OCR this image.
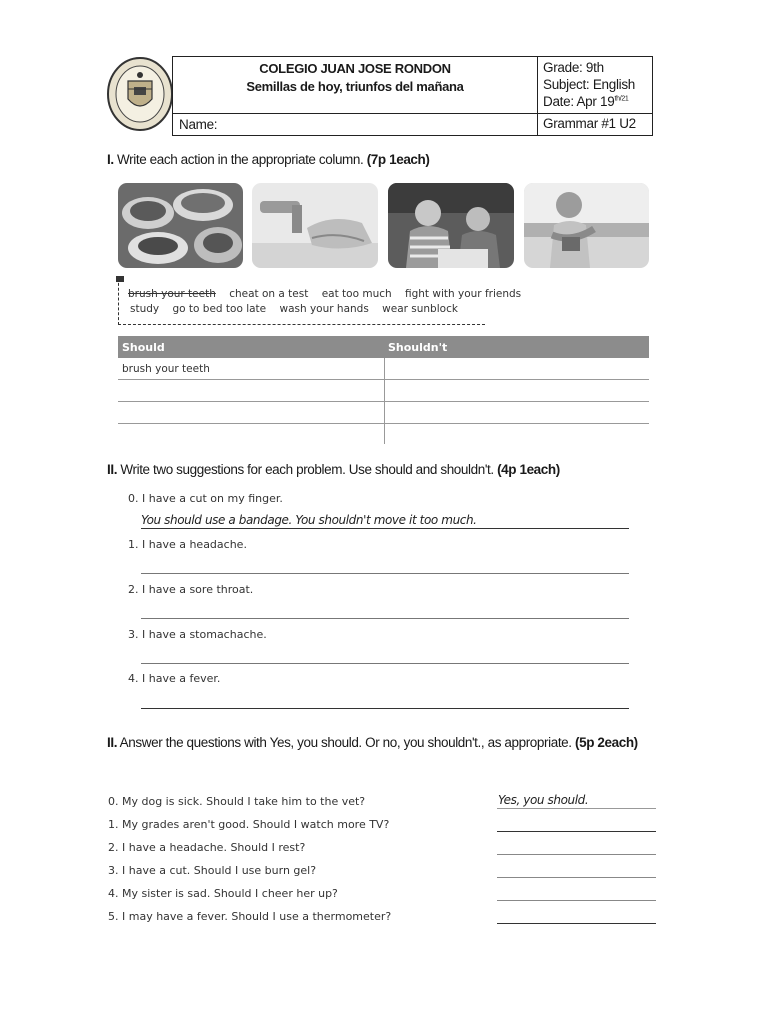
COLEGIO JUAN JOSE RONDON
Semillas de hoy, triunfos del mañana
Grade: 9th
Subject: English
Date: Apr $19^{th/21}$
Name:	Grammar #1 U2
I. Write each action in the appropriate column. (7p 1each)
brush your teeth cheat on a test eat too much fight with your friends
study go to bed too late wash your hands wear sunblock
Should	Shouldn't
brush your teeth
II. Write two suggestions for each problem. Use should and shouldn't. (4p 1each)
0. I have a cut on my finger.
You should use a bandage. You shouldn't move it too much.
1. I have a headache.
2. I have a sore throat.
3. I have a stomachache.
4. I have a fever.
II. Answer the questions with Yes, you should. Or no, you shouldn't., as appropriate. (5p 2each)
0. My dog is sick. Should I take him to the vet?	Yes, you should.
1. My grades aren't good. Should I watch more TV?
2. I have a headache. Should I rest?
3. I have a cut. Should I use burn gel?
4. My sister is sad. Should I cheer her up?
5. I may have a fever. Should I use a thermometer?
